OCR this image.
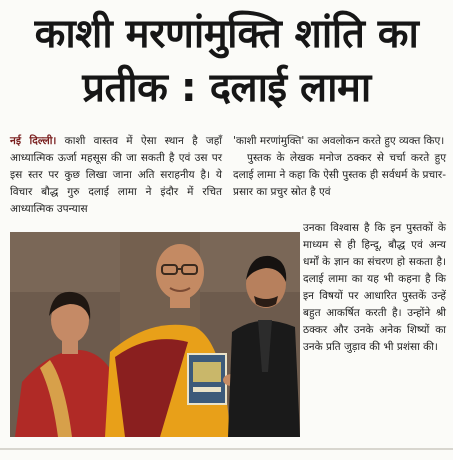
काशी मरणांमुक्ति शांति का
प्रतीक : दलाई लामा

नई दिल्ली। काशी वास्तव में ऐसा स्थान है जहाँ आध्यात्मिक ऊर्जा महसूस की जा सकती है एवं उस पर इस स्तर पर कुछ लिखा जाना अति सराहनीय है। ये विचार बौद्ध गुरु दलाई लामा ने इंदौर में रचित आध्यात्मिक उपन्यास

'काशी मरणांमुक्ति' का अवलोकन करते हुए व्यक्त किए।

पुस्तक के लेखक मनोज ठक्कर से चर्चा करते हुए दलाई लामा ने कहा कि ऐसी पुस्तक ही सर्वधर्म के प्रचार-प्रसार का प्रचुर स्रोत है एवं

उनका विश्वास है कि इन पुस्तकों के माध्यम से ही हिन्दू, बौद्ध एवं अन्य धर्मों के ज्ञान का संचरण हो सकता है। दलाई लामा का यह भी कहना है कि इन विषयों पर आधारित पुस्तकें उन्हें बहुत आकर्षित करती है। उन्होंने श्री ठक्कर और उनके अनेक शिष्यों का उनके प्रति जुड़ाव की भी प्रशंसा की।
